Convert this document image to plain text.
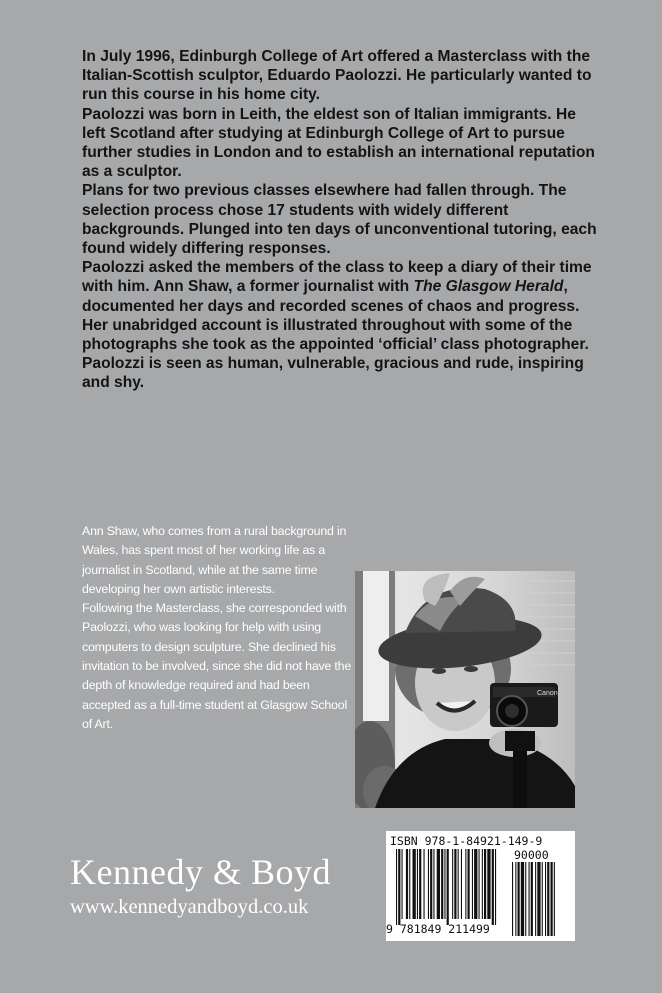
In July 1996, Edinburgh College of Art offered a Masterclass with the Italian-Scottish sculptor, Eduardo Paolozzi. He particularly wanted to run this course in his home city.

Paolozzi was born in Leith, the eldest son of Italian immigrants. He left Scotland after studying at Edinburgh College of Art to pursue further studies in London and to establish an international reputation as a sculptor.

Plans for two previous classes elsewhere had fallen through. The selection process chose 17 students with widely different backgrounds. Plunged into ten days of unconventional tutoring, each found widely differing responses.

Paolozzi asked the members of the class to keep a diary of their time with him. Ann Shaw, a former journalist with The Glasgow Herald, documented her days and recorded scenes of chaos and progress. Her unabridged account is illustrated throughout with some of the photographs she took as the appointed ‘official’ class photographer.

Paolozzi is seen as human, vulnerable, gracious and rude, inspiring and shy.

Ann Shaw, who comes from a rural background in Wales, has spent most of her working life as a journalist in Scotland, while at the same time developing her own artistic interests.

Following the Masterclass, she corresponded with Paolozzi, who was looking for help with using computers to design sculpture. She declined his invitation to be involved, since she did not have the depth of knowledge required and had been accepted as a full-time student at Glasgow School of Art.

Canon
Kennedy & Boyd
www.kennedyandboyd.co.uk
ISBN 978-1-84921-149-9
90000
9 781849 211499
